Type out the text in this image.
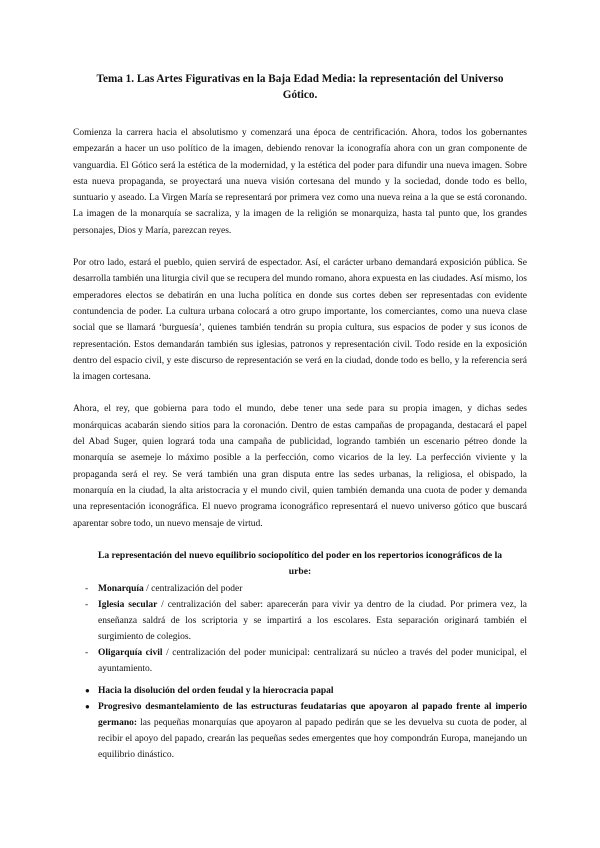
Tema 1. Las Artes Figurativas en la Baja Edad Media: la representación del Universo Gótico.

Comienza la carrera hacia el absolutismo y comenzará una época de centrificación. Ahora, todos los gobernantes empezarán a hacer un uso político de la imagen, debiendo renovar la iconografía ahora con un gran componente de vanguardia. El Gótico será la estética de la modernidad, y la estética del poder para difundir una nueva imagen. Sobre esta nueva propaganda, se proyectará una nueva visión cortesana del mundo y la sociedad, donde todo es bello, suntuario y aseado. La Virgen María se representará por primera vez como una nueva reina a la que se está coronando. La imagen de la monarquía se sacraliza, y la imagen de la religión se monarquiza, hasta tal punto que, los grandes personajes, Dios y María, parezcan reyes.

Por otro lado, estará el pueblo, quien servirá de espectador. Así, el carácter urbano demandará exposición pública. Se desarrolla también una liturgia civil que se recupera del mundo romano, ahora expuesta en las ciudades. Así mismo, los emperadores electos se debatirán en una lucha política en donde sus cortes deben ser representadas con evidente contundencia de poder. La cultura urbana colocará a otro grupo importante, los comerciantes, como una nueva clase social que se llamará ‘burguesía’, quienes también tendrán su propia cultura, sus espacios de poder y sus iconos de representación. Estos demandarán también sus iglesias, patronos y representación civil. Todo reside en la exposición dentro del espacio civil, y este discurso de representación se verá en la ciudad, donde todo es bello, y la referencia será la imagen cortesana.

Ahora, el rey, que gobierna para todo el mundo, debe tener una sede para su propia imagen, y dichas sedes monárquicas acabarán siendo sitios para la coronación. Dentro de estas campañas de propaganda, destacará el papel del Abad Suger, quien logrará toda una campaña de publicidad, logrando también un escenario pétreo donde la monarquía se asemeje lo máximo posible a la perfección, como vicarios de la ley. La perfección viviente y la propaganda será el rey. Se verá también una gran disputa entre las sedes urbanas, la religiosa, el obispado, la monarquía en la ciudad, la alta aristocracia y el mundo civil, quien también demanda una cuota de poder y demanda una representación iconográfica. El nuevo programa iconográfico representará el nuevo universo gótico que buscará aparentar sobre todo, un nuevo mensaje de virtud.

La representación del nuevo equilibrio sociopolítico del poder en los repertorios iconográficos de la urbe:
- Monarquía / centralización del poder
- Iglesia secular / centralización del saber: aparecerán para vivir ya dentro de la ciudad. Por primera vez, la enseñanza saldrá de los scriptoria y se impartirá a los escolares. Esta separación originará también el surgimiento de colegios.
- Oligarquía civil / centralización del poder municipal: centralizará su núcleo a través del poder municipal, el ayuntamiento.
● Hacia la disolución del orden feudal y la hierocracia papal
● Progresivo desmantelamiento de las estructuras feudatarias que apoyaron al papado frente al imperio germano: las pequeñas monarquías que apoyaron al papado pedirán que se les devuelva su cuota de poder, al recibir el apoyo del papado, crearán las pequeñas sedes emergentes que hoy compondrán Europa, manejando un equilibrio dinástico.
